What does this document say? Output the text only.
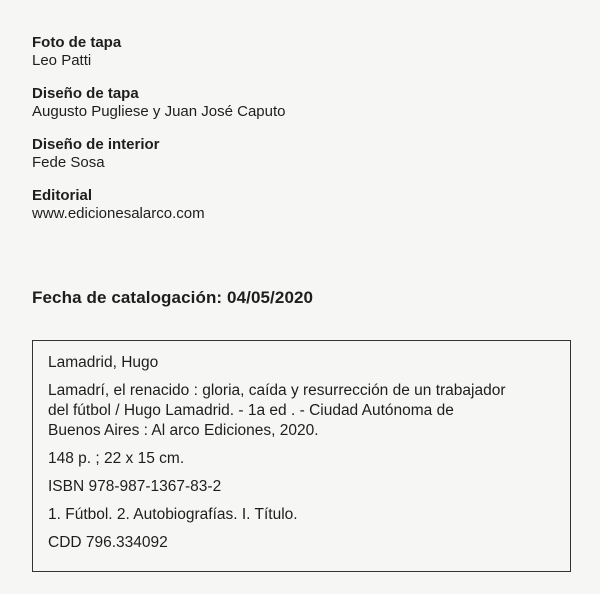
Foto de tapa
Leo Patti
Diseño de tapa
Augusto Pugliese y Juan José Caputo
Diseño de interior
Fede Sosa
Editorial
www.edicionesalarco.com
Fecha de catalogación: 04/05/2020
Lamadrid, Hugo
Lamadrí, el renacido : gloria, caída y resurrección de un trabajador
del fútbol / Hugo Lamadrid. - 1a ed . - Ciudad Autónoma de
Buenos Aires : Al arco Ediciones, 2020.
148 p. ; 22 x 15 cm.
ISBN 978-987-1367-83-2
1. Fútbol. 2. Autobiografías. I. Título.
CDD 796.334092
